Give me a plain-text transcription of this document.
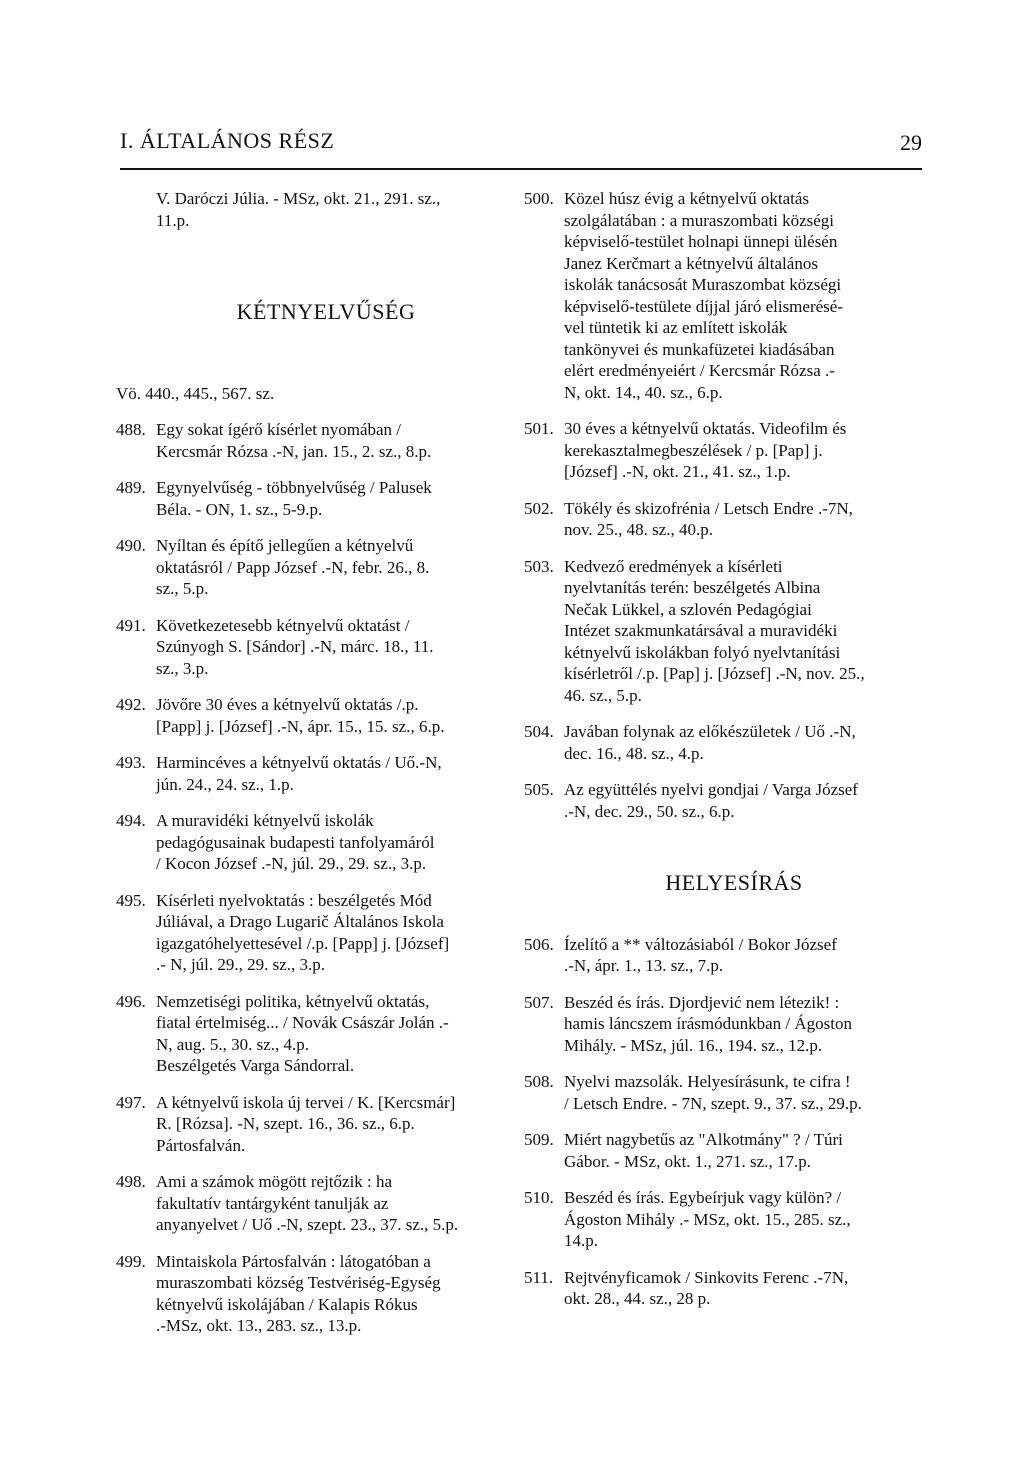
I. ÁLTALÁNOS RÉSZ	29
V. Daróczi Júlia. - MSz, okt. 21., 291. sz.,
11.p.
KÉTNYELVŰSÉG
Vö. 440., 445., 567. sz.
488. Egy sokat ígérő kísérlet nyomában /
Kercsmár Rózsa .-N, jan. 15., 2. sz., 8.p.
489. Egynyelvűség - többnyelvűség / Palusek
Béla. - ON, 1. sz., 5-9.p.
490. Nyíltan és építő jellegűen a kétnyelvű
oktatásról / Papp József .-N, febr. 26., 8.
sz., 5.p.
491. Következetesebb kétnyelvű oktatást /
Szúnyogh S. [Sándor] .-N, márc. 18., 11.
sz., 3.p.
492. Jövőre 30 éves a kétnyelvű oktatás /.p.
[Papp] j. [József] .-N, ápr. 15., 15. sz., 6.p.
493. Harmincéves a kétnyelvű oktatás / Uő.-N,
jún. 24., 24. sz., 1.p.
494. A muravidéki kétnyelvű iskolák
pedagógusainak budapesti tanfolyamáról
/ Kocon József .-N, júl. 29., 29. sz., 3.p.
495. Kísérleti nyelvoktatás : beszélgetés Mód
Júliával, a Drago Lugarič Általános Iskola
igazgatóhelyettesével /.p. [Papp] j. [József]
.- N, júl. 29., 29. sz., 3.p.
496. Nemzetiségi politika, kétnyelvű oktatás,
fiatal értelmiség... / Novák Császár Jolán .-
N, aug. 5., 30. sz., 4.p.
Beszélgetés Varga Sándorral.
497. A kétnyelvű iskola új tervei / K. [Kercsmár]
R. [Rózsa]. -N, szept. 16., 36. sz., 6.p.
Pártosfalván.
498. Ami a számok mögött rejtőzik : ha
fakultatív tantárgyként tanulják az
anyanyelvet / Uő .-N, szept. 23., 37. sz., 5.p.
499. Mintaiskola Pártosfalván : látogatóban a
muraszombati község Testvériség-Egység
kétnyelvű iskolájában / Kalapis Rókus
.-MSz, okt. 13., 283. sz., 13.p.
500. Közel húsz évig a kétnyelvű oktatás
szolgálatában : a muraszombati községi
képviselő-testület holnapi ünnepi ülésén
Janez Kerčmart a kétnyelvű általános
iskolák tanácsosát Muraszombat községi
képviselő-testülete díjjal járó elismerésé-
vel tüntetik ki az említett iskolák
tankönyvei és munkafüzetei kiadásában
elért eredményeiért / Kercsmár Rózsa .-
N, okt. 14., 40. sz., 6.p.
501. 30 éves a kétnyelvű oktatás. Videofilm és
kerekasztalmegbeszélések / p. [Pap] j.
[József] .-N, okt. 21., 41. sz., 1.p.
502. Tökély és skizofrénia / Letsch Endre .-7N,
nov. 25., 48. sz., 40.p.
503. Kedvező eredmények a kísérleti
nyelvtanítás terén: beszélgetés Albina
Nečak Lükkel, a szlovén Pedagógiai
Intézet szakmunkatársával a muravidéki
kétnyelvű iskolákban folyó nyelvtanítási
kísérletről /.p. [Pap] j. [József] .-N, nov. 25.,
46. sz., 5.p.
504. Javában folynak az előkészületek / Uő .-N,
dec. 16., 48. sz., 4.p.
505. Az együttélés nyelvi gondjai / Varga József
.-N, dec. 29., 50. sz., 6.p.
HELYESÍRÁS
506. Ízelítő a ** változásiaból / Bokor József
.-N, ápr. 1., 13. sz., 7.p.
507. Beszéd és írás. Djordjević nem létezik! :
hamis láncszem írásmódunkban / Ágoston
Mihály. - MSz, júl. 16., 194. sz., 12.p.
508. Nyelvi mazsolák. Helyesírásunk, te cifra !
/ Letsch Endre. - 7N, szept. 9., 37. sz., 29.p.
509. Miért nagybetűs az "Alkotmány" ? / Túri
Gábor. - MSz, okt. 1., 271. sz., 17.p.
510. Beszéd és írás. Egybeírjuk vagy külön? /
Ágoston Mihály .- MSz, okt. 15., 285. sz.,
14.p.
511. Rejtvényficamok / Sinkovits Ferenc .-7N,
okt. 28., 44. sz., 28 p.
